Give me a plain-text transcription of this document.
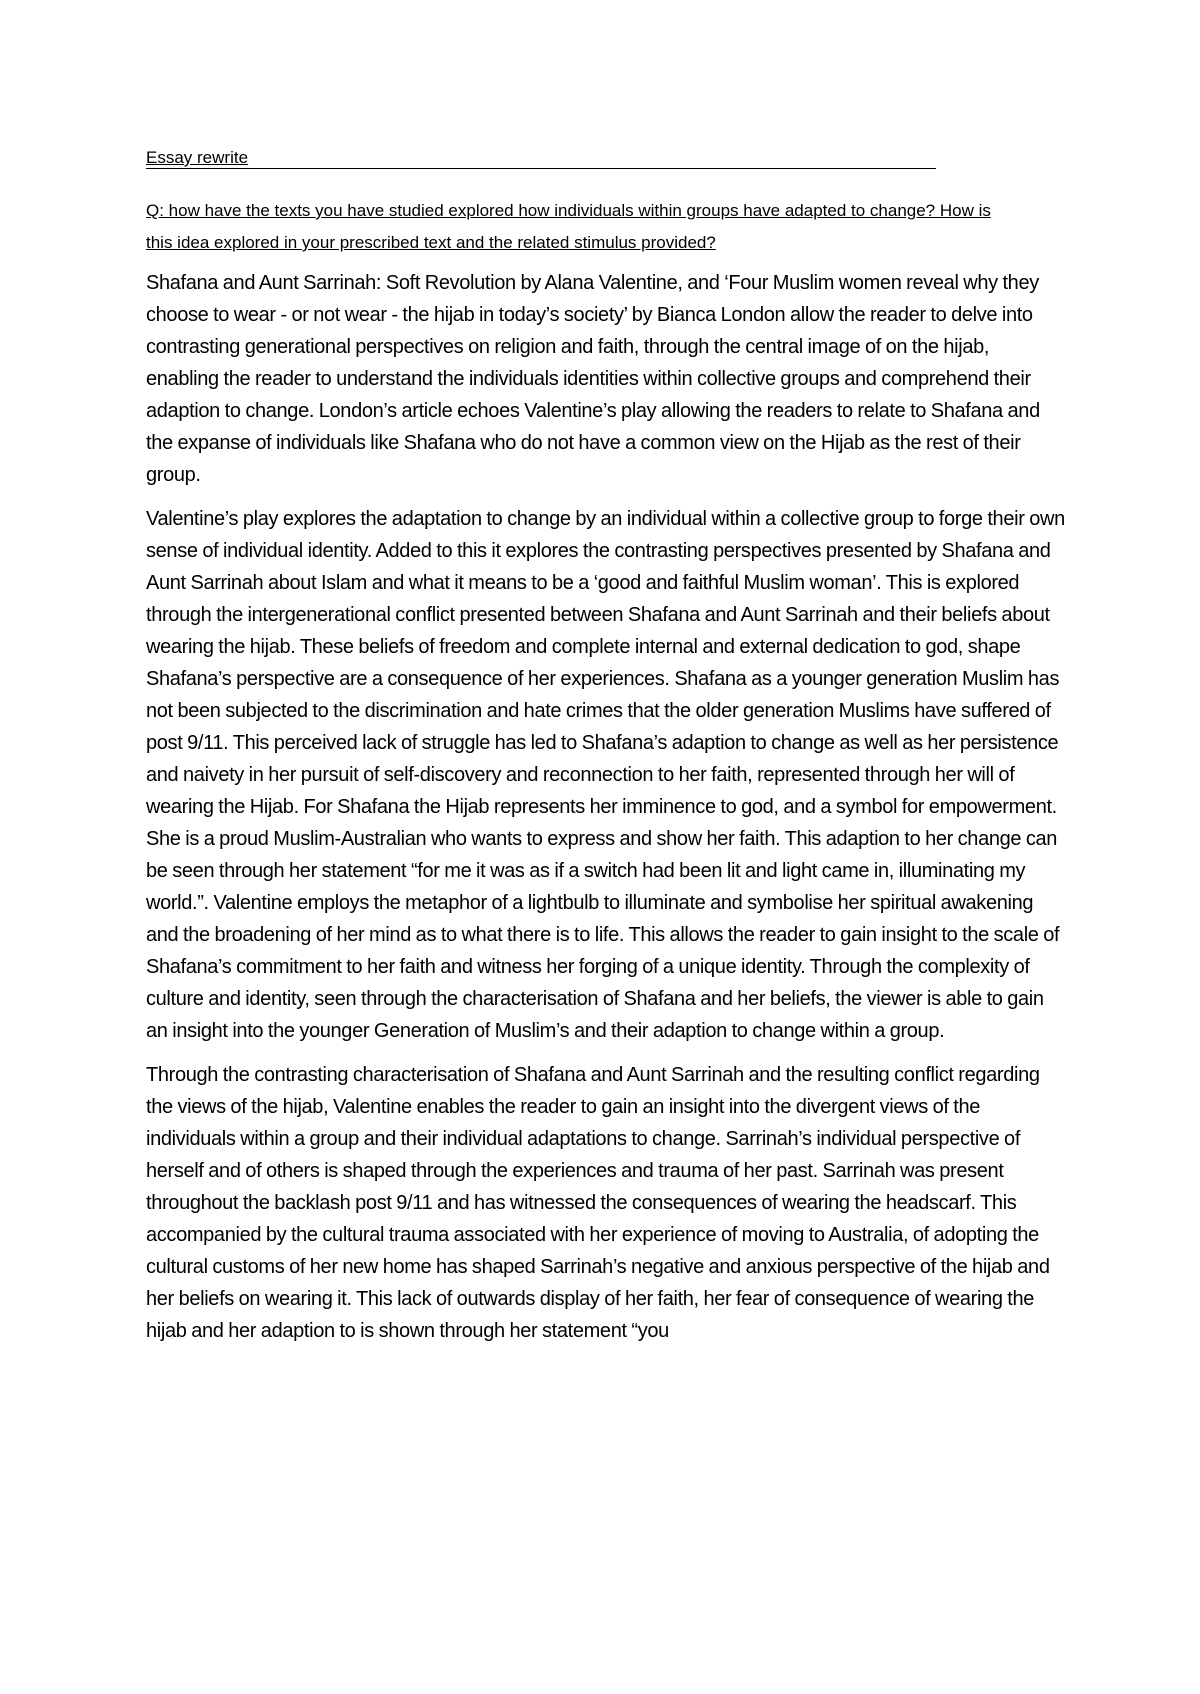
Essay rewrite
Q: how have the texts you have studied explored how individuals within groups have adapted to change? How is this idea explored in your prescribed text and the related stimulus provided?

Shafana and Aunt Sarrinah: Soft Revolution by Alana Valentine, and ‘Four Muslim women reveal why they choose to wear - or not wear - the hijab in today’s society’ by Bianca London allow the reader to delve into contrasting generational perspectives on religion and faith, through the central image of on the hijab, enabling the reader to understand the individuals identities within collective groups and comprehend their adaption to change. London’s article echoes Valentine’s play allowing the readers to relate to Shafana and the expanse of individuals like Shafana who do not have a common view on the Hijab as the rest of their group.

Valentine’s play explores the adaptation to change by an individual within a collective group to forge their own sense of individual identity. Added to this it explores the contrasting perspectives presented by Shafana and Aunt Sarrinah about Islam and what it means to be a ‘good and faithful Muslim woman’. This is explored through the intergenerational conflict presented between Shafana and Aunt Sarrinah and their beliefs about wearing the hijab. These beliefs of freedom and complete internal and external dedication to god, shape Shafana’s perspective are a consequence of her experiences. Shafana as a younger generation Muslim has not been subjected to the discrimination and hate crimes that the older generation Muslims have suffered of post 9/11. This perceived lack of struggle has led to Shafana’s adaption to change as well as her persistence and naivety in her pursuit of self-discovery and reconnection to her faith, represented through her will of wearing the Hijab. For Shafana the Hijab represents her imminence to god, and a symbol for empowerment. She is a proud Muslim-Australian who wants to express and show her faith. This adaption to her change can be seen through her statement “for me it was as if a switch had been lit and light came in, illuminating my world.”. Valentine employs the metaphor of a lightbulb to illuminate and symbolise her spiritual awakening and the broadening of her mind as to what there is to life. This allows the reader to gain insight to the scale of Shafana’s commitment to her faith and witness her forging of a unique identity. Through the complexity of culture and identity, seen through the characterisation of Shafana and her beliefs, the viewer is able to gain an insight into the younger Generation of Muslim’s and their adaption to change within a group.

Through the contrasting characterisation of Shafana and Aunt Sarrinah and the resulting conflict regarding the views of the hijab, Valentine enables the reader to gain an insight into the divergent views of the individuals within a group and their individual adaptations to change. Sarrinah’s individual perspective of herself and of others is shaped through the experiences and trauma of her past. Sarrinah was present throughout the backlash post 9/11 and has witnessed the consequences of wearing the headscarf. This accompanied by the cultural trauma associated with her experience of moving to Australia, of adopting the cultural customs of her new home has shaped Sarrinah’s negative and anxious perspective of the hijab and her beliefs on wearing it. This lack of outwards display of her faith, her fear of consequence of wearing the hijab and her adaption to is shown through her statement “you
